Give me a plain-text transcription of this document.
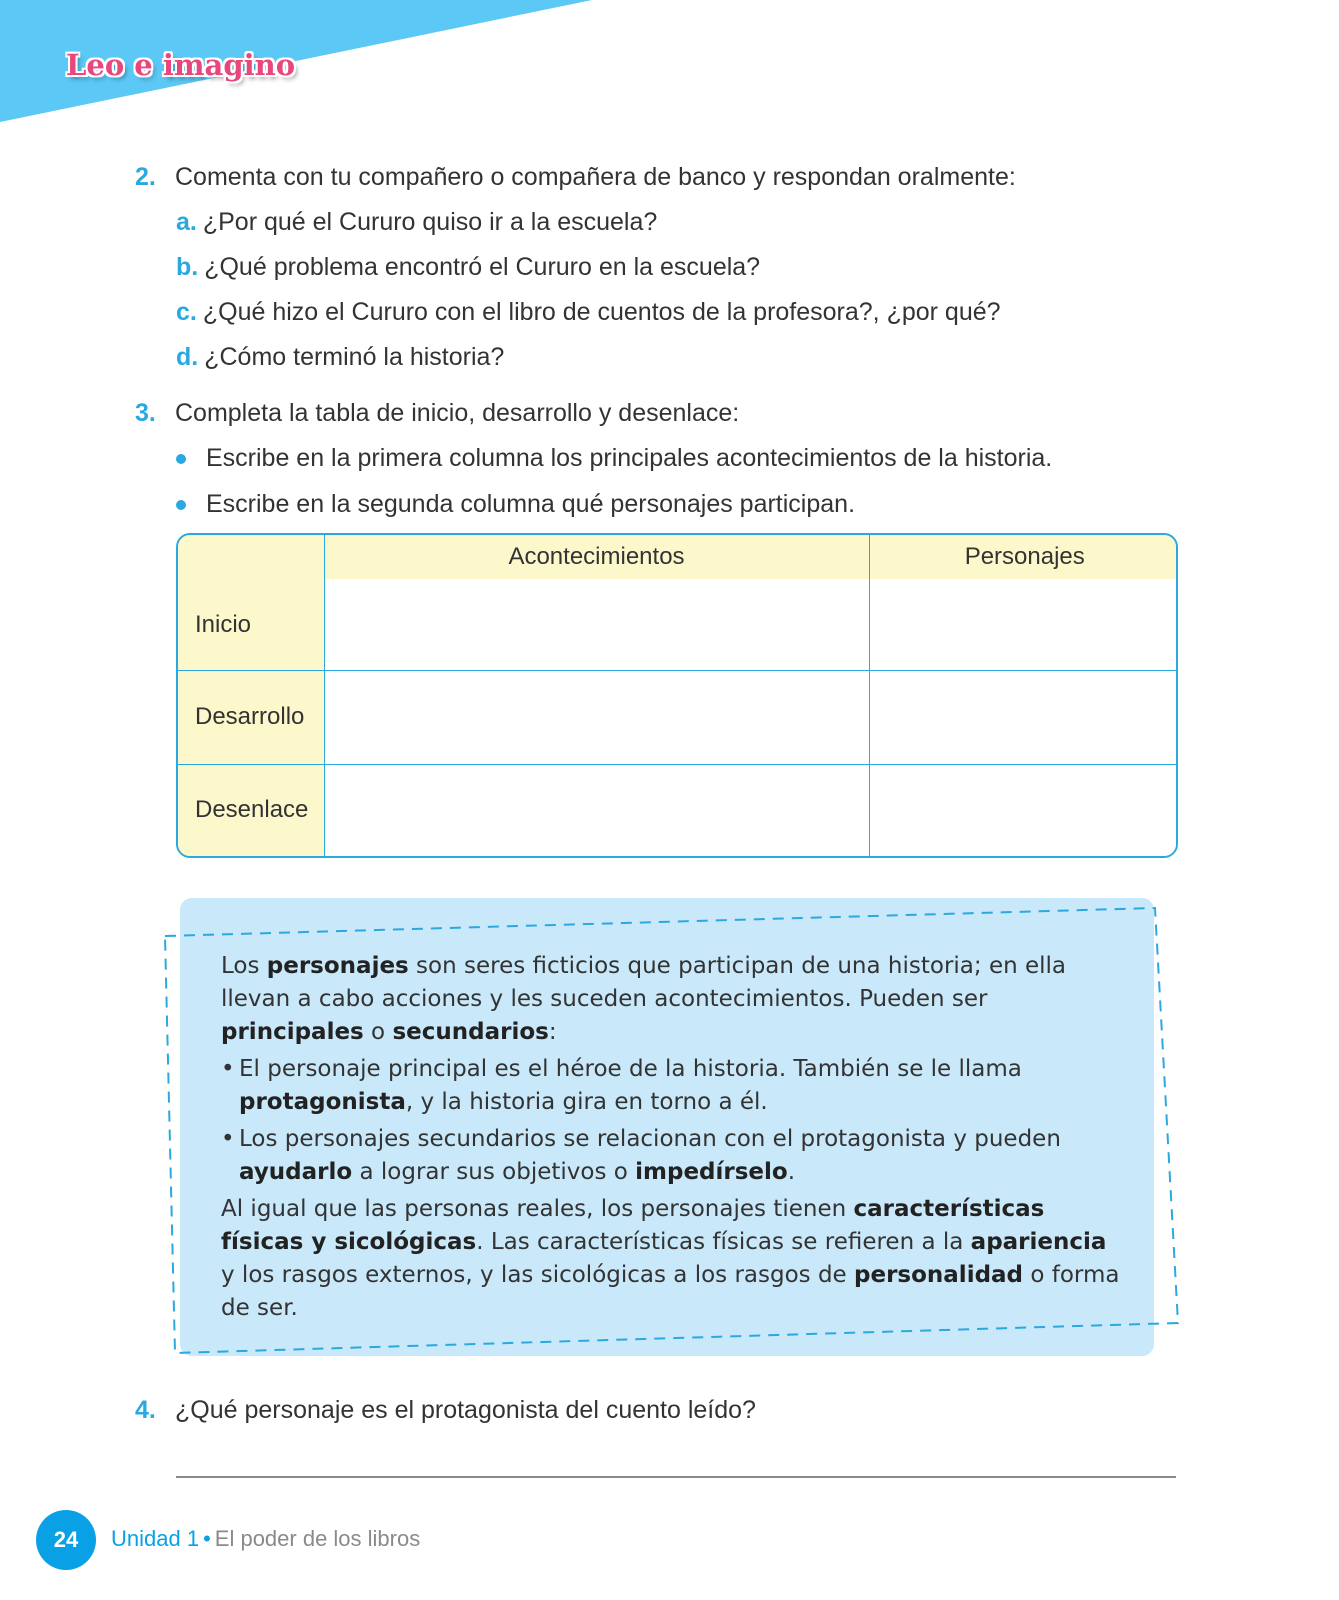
Leo e imagino
2. Comenta con tu compañero o compañera de banco y respondan oralmente:
a. ¿Por qué el Cururo quiso ir a la escuela?
b. ¿Qué problema encontró el Cururo en la escuela?
c. ¿Qué hizo el Cururo con el libro de cuentos de la profesora?, ¿por qué?
d. ¿Cómo terminó la historia?
3. Completa la tabla de inicio, desarrollo y desenlace:
Escribe en la primera columna los principales acontecimientos de la historia.
Escribe en la segunda columna qué personajes participan.
	Acontecimientos	Personajes
Inicio		
Desarrollo		
Desenlace		

Los personajes son seres ficticios que participan de una historia; en ella llevan a cabo acciones y les suceden acontecimientos. Pueden ser principales o secundarios:

• El personaje principal es el héroe de la historia. También se le llama protagonista, y la historia gira en torno a él.

• Los personajes secundarios se relacionan con el protagonista y pueden ayudarlo a lograr sus objetivos o impedírselo.

Al igual que las personas reales, los personajes tienen características físicas y sicológicas. Las características físicas se refieren a la apariencia y los rasgos externos, y las sicológicas a los rasgos de personalidad o forma de ser.

4. ¿Qué personaje es el protagonista del cuento leído?
24 Unidad 1 • El poder de los libros
